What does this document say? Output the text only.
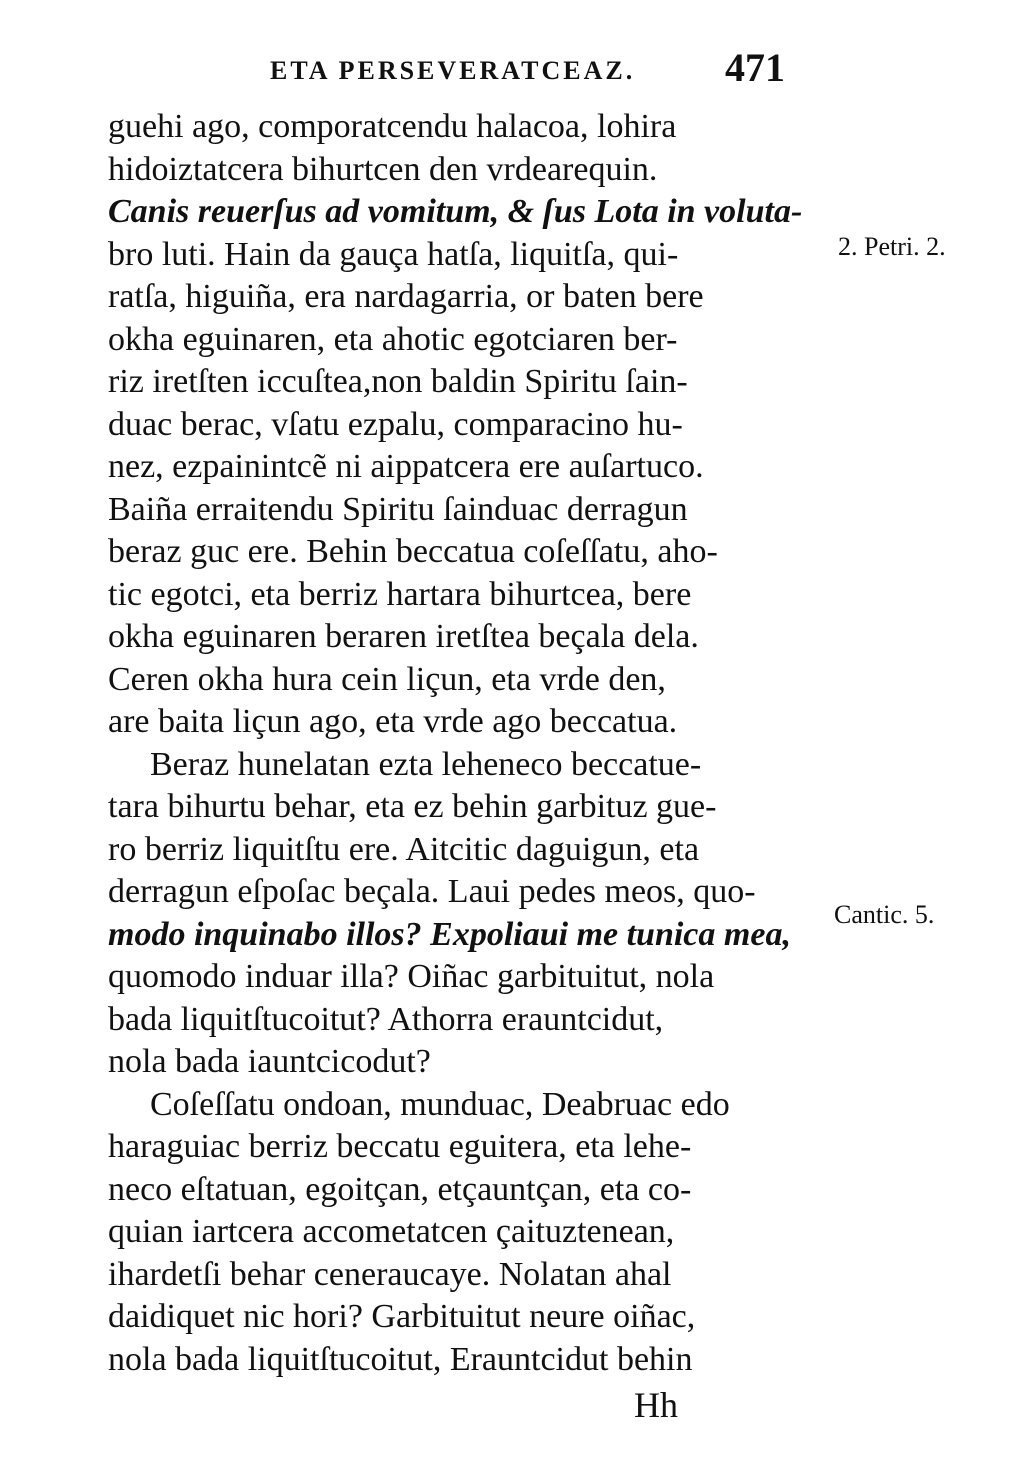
ETA PERSEVERATCEAZ. 471
guehi ago, comporatcendu halacoa, lohira
hidoiztatcera bihurtcen den vrdearequin.
Canis reuerſus ad vomitum, & ſus Lota in voluta-
bro luti. Hain da gauça hatſa, liquitſa, qui-
ratſa, higuiña, era nardagarria, or baten bere
okha eguinaren, eta ahotic egotciaren ber-
riz iretſten iccuſtea,non baldin Spiritu ſain-
duac berac, vſatu ezpalu, comparacino hu-
nez, ezpainintcẽ ni aippatcera ere auſartuco.
Baiña erraitendu Spiritu ſainduac derragun
beraz guc ere. Behin beccatua coſeſſatu, aho-
tic egotci, eta berriz hartara bihurtcea, bere
okha eguinaren beraren iretſtea beçala dela.
Ceren okha hura cein liçun, eta vrde den,
are baita liçun ago, eta vrde ago beccatua.
Beraz hunelatan ezta leheneco beccatue-
tara bihurtu behar, eta ez behin garbituz gue-
ro berriz liquitſtu ere. Aitcitic daguigun, eta
derragun eſpoſac beçala. Laui pedes meos, quo-
modo inquinabo illos? Expoliaui me tunica mea,
quomodo induar illa? Oiñac garbituitut, nola
bada liquitſtucoitut? Athorra erauntcidut,
nola bada iauntcicodut?
Coſeſſatu ondoan, munduac, Deabruac edo
haraguiac berriz beccatu eguitera, eta lehe-
neco eſtatuan, egoitçan, etçauntçan, eta co-
quian iartcera accometatcen çaituztenean,
ihardetſi behar ceneraucaye. Nolatan ahal
daidiquet nic hori? Garbituitut neure oiñac,
nola bada liquitſtucoitut, Erauntcidut behin
2. Petri. 2.
Cantic. 5.
Hh
